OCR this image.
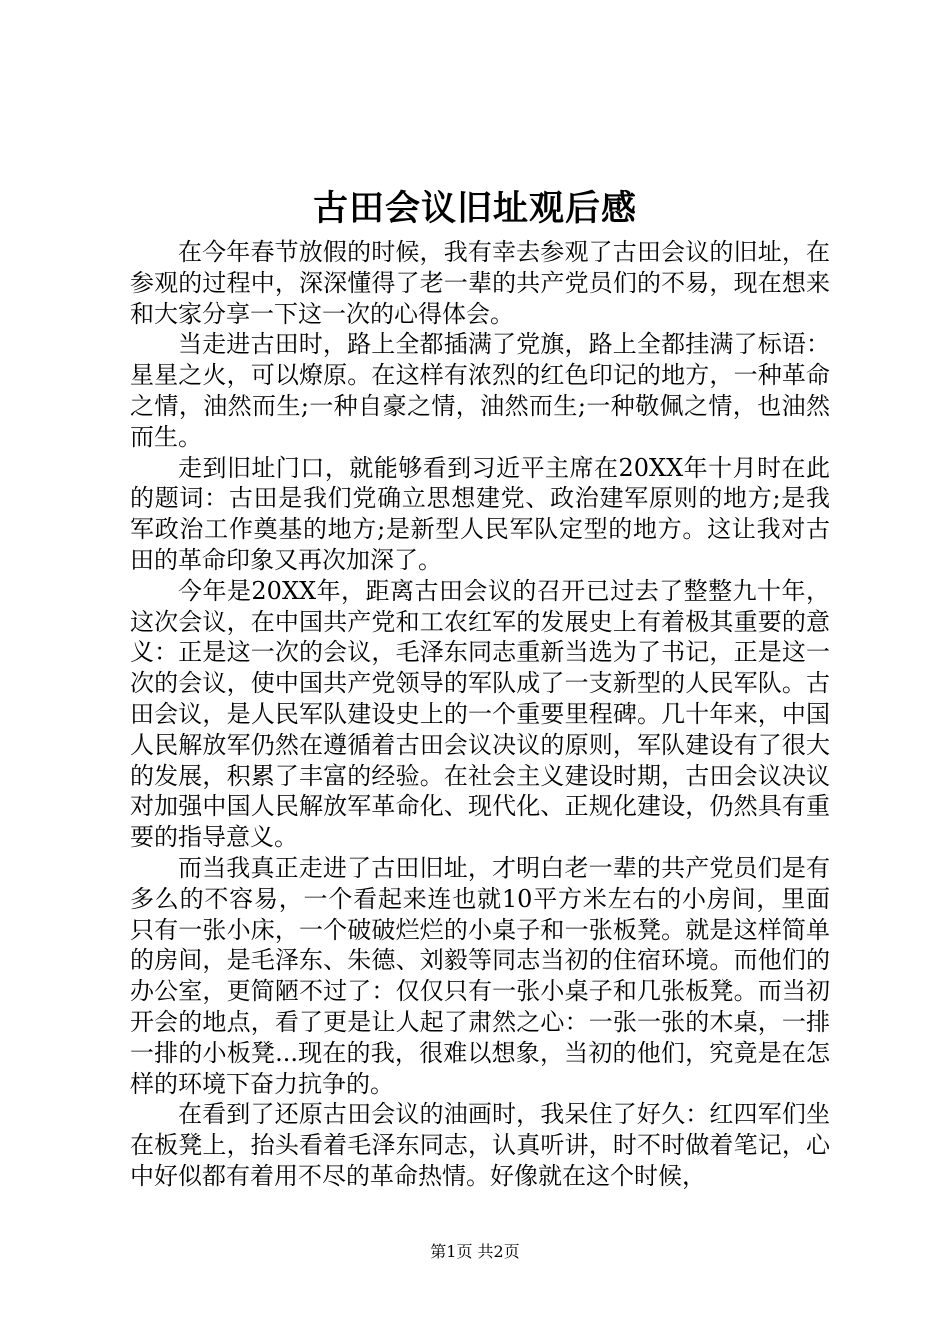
古田会议旧址观后感

在今年春节放假的时候，我有幸去参观了古田会议的旧址，在参观的过程中，深深懂得了老一辈的共产党员们的不易，现在想来和大家分享一下这一次的心得体会。

当走进古田时，路上全都插满了党旗，路上全都挂满了标语：星星之火，可以燎原。在这样有浓烈的红色印记的地方，一种革命之情，油然而生;一种自豪之情，油然而生;一种敬佩之情，也油然而生。

走到旧址门口，就能够看到习近平主席在20XX年十月时在此的题词：古田是我们党确立思想建党、政治建军原则的地方;是我军政治工作奠基的地方;是新型人民军队定型的地方。这让我对古田的革命印象又再次加深了。

今年是20XX年，距离古田会议的召开已过去了整整九十年，这次会议，在中国共产党和工农红军的发展史上有着极其重要的意义：正是这一次的会议，毛泽东同志重新当选为了书记，正是这一次的会议，使中国共产党领导的军队成了一支新型的人民军队。古田会议，是人民军队建设史上的一个重要里程碑。几十年来，中国人民解放军仍然在遵循着古田会议决议的原则，军队建设有了很大的发展，积累了丰富的经验。在社会主义建设时期，古田会议决议对加强中国人民解放军革命化、现代化、正规化建设，仍然具有重要的指导意义。

而当我真正走进了古田旧址，才明白老一辈的共产党员们是有多么的不容易，一个看起来连也就10平方米左右的小房间，里面只有一张小床，一个破破烂烂的小桌子和一张板凳。就是这样简单的房间，是毛泽东、朱德、刘毅等同志当初的住宿环境。而他们的办公室，更简陋不过了：仅仅只有一张小桌子和几张板凳。而当初开会的地点，看了更是让人起了肃然之心：一张一张的木桌，一排一排的小板凳...现在的我，很难以想象，当初的他们，究竟是在怎样的环境下奋力抗争的。

在看到了还原古田会议的油画时，我呆住了好久：红四军们坐在板凳上，抬头看着毛泽东同志，认真听讲，时不时做着笔记，心中好似都有着用不尽的革命热情。好像就在这个时候，

第1页 共2页
